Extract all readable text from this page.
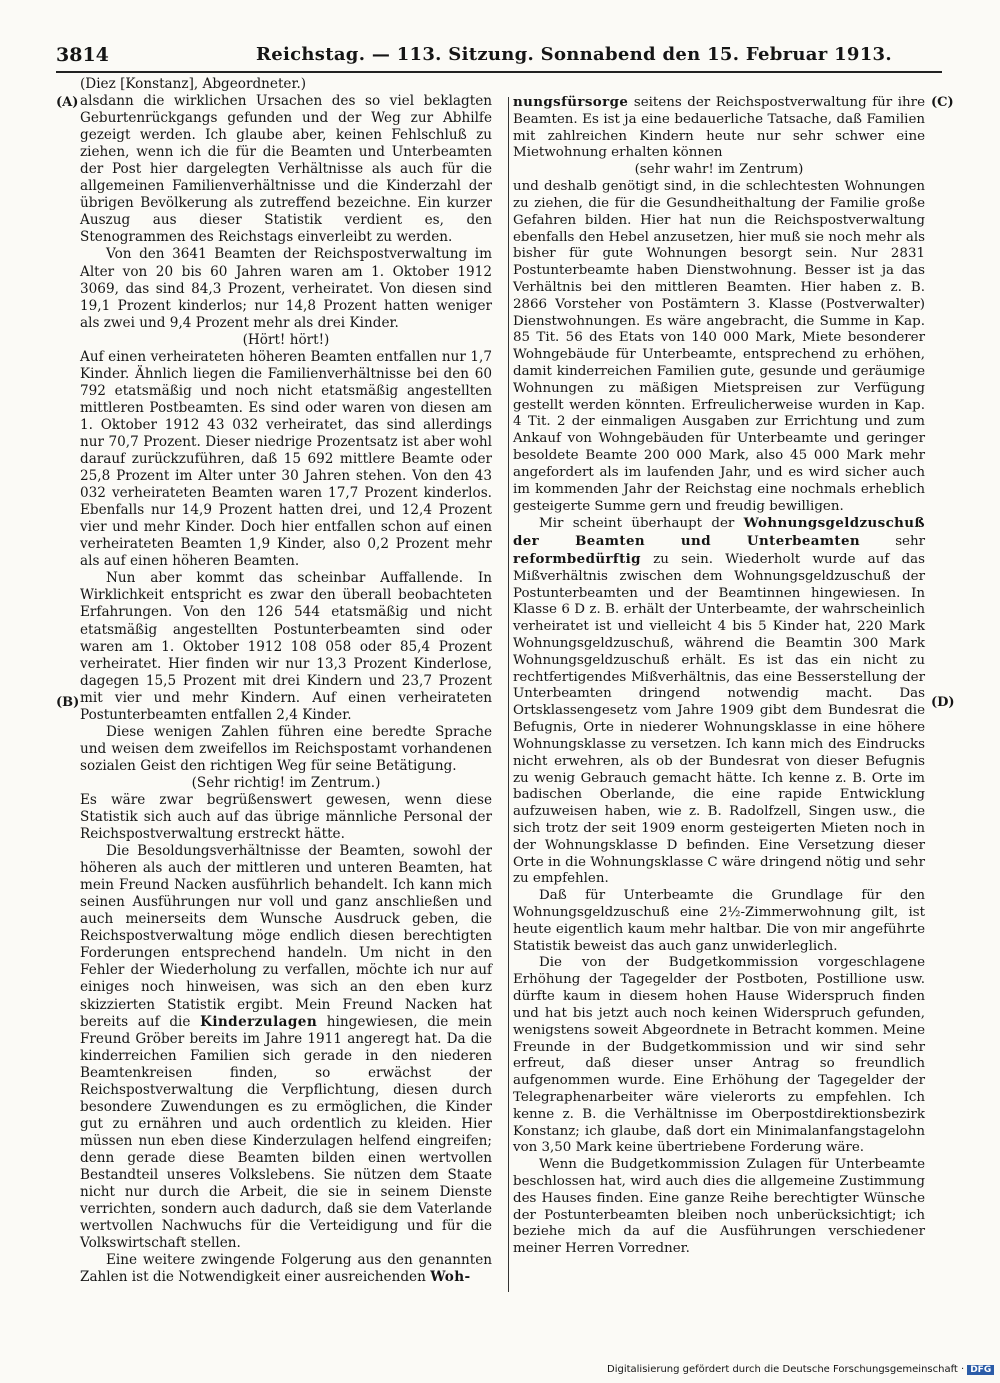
3814	Reichstag. — 113. Sitzung. Sonnabend den 15. Februar 1913.
(A)
(B)
(C)
(D)

(Diez [Konstanz], Abgeordneter.)

alsdann die wirklichen Ursachen des so viel beklagten Geburtenrückgangs gefunden und der Weg zur Abhilfe gezeigt werden. Ich glaube aber, keinen Fehlschluß zu ziehen, wenn ich die für die Beamten und Unterbeamten der Post hier dargelegten Verhältnisse als auch für die allgemeinen Familienverhältnisse und die Kinderzahl der übrigen Bevölkerung als zutreffend bezeichne. Ein kurzer Auszug aus dieser Statistik verdient es, den Stenogrammen des Reichstags einverleibt zu werden.

Von den 3641 Beamten der Reichspostverwaltung im Alter von 20 bis 60 Jahren waren am 1. Oktober 1912 3069, das sind 84,3 Prozent, verheiratet. Von diesen sind 19,1 Prozent kinderlos; nur 14,8 Prozent hatten weniger als zwei und 9,4 Prozent mehr als drei Kinder.

(Hört! hört!)

Auf einen verheirateten höheren Beamten entfallen nur 1,7 Kinder. Ähnlich liegen die Familienverhältnisse bei den 60 792 etatsmäßig und noch nicht etatsmäßig angestellten mittleren Postbeamten. Es sind oder waren von diesen am 1. Oktober 1912 43 032 verheiratet, das sind allerdings nur 70,7 Prozent. Dieser niedrige Prozentsatz ist aber wohl darauf zurückzuführen, daß 15 692 mittlere Beamte oder 25,8 Prozent im Alter unter 30 Jahren stehen. Von den 43 032 verheirateten Beamten waren 17,7 Prozent kinderlos. Ebenfalls nur 14,9 Prozent hatten drei, und 12,4 Prozent vier und mehr Kinder. Doch hier entfallen schon auf einen verheirateten Beamten 1,9 Kinder, also 0,2 Prozent mehr als auf einen höheren Beamten.

Nun aber kommt das scheinbar Auffallende. In Wirklichkeit entspricht es zwar den überall beobachteten Erfahrungen. Von den 126 544 etatsmäßig und nicht etatsmäßig angestellten Postunterbeamten sind oder waren am 1. Oktober 1912 108 058 oder 85,4 Prozent verheiratet. Hier finden wir nur 13,3 Prozent Kinderlose, dagegen 15,5 Prozent mit drei Kindern und 23,7 Prozent mit vier und mehr Kindern. Auf einen verheirateten Postunterbeamten entfallen 2,4 Kinder.

Diese wenigen Zahlen führen eine beredte Sprache und weisen dem zweifellos im Reichspostamt vorhandenen sozialen Geist den richtigen Weg für seine Betätigung.

(Sehr richtig! im Zentrum.)

Es wäre zwar begrüßenswert gewesen, wenn diese Statistik sich auch auf das übrige männliche Personal der Reichspostverwaltung erstreckt hätte.

Die Besoldungsverhältnisse der Beamten, sowohl der höheren als auch der mittleren und unteren Beamten, hat mein Freund Nacken ausführlich behandelt. Ich kann mich seinen Ausführungen nur voll und ganz anschließen und auch meinerseits dem Wunsche Ausdruck geben, die Reichspostverwaltung möge endlich diesen berechtigten Forderungen entsprechend handeln. Um nicht in den Fehler der Wiederholung zu verfallen, möchte ich nur auf einiges noch hinweisen, was sich an den eben kurz skizzierten Statistik ergibt. Mein Freund Nacken hat bereits auf die Kinderzulagen hingewiesen, die mein Freund Gröber bereits im Jahre 1911 angeregt hat. Da die kinderreichen Familien sich gerade in den niederen Beamtenkreisen finden, so erwächst der Reichspostverwaltung die Verpflichtung, diesen durch besondere Zuwendungen es zu ermöglichen, die Kinder gut zu ernähren und auch ordentlich zu kleiden. Hier müssen nun eben diese Kinderzulagen helfend eingreifen; denn gerade diese Beamten bilden einen wertvollen Bestandteil unseres Volkslebens. Sie nützen dem Staate nicht nur durch die Arbeit, die sie in seinem Dienste verrichten, sondern auch dadurch, daß sie dem Vaterlande wertvollen Nachwuchs für die Verteidigung und für die Volkswirtschaft stellen.

Eine weitere zwingende Folgerung aus den genannten Zahlen ist die Notwendigkeit einer ausreichenden Woh-

nungsfürsorge seitens der Reichspostverwaltung für ihre Beamten. Es ist ja eine bedauerliche Tatsache, daß Familien mit zahlreichen Kindern heute nur sehr schwer eine Mietwohnung erhalten können

(sehr wahr! im Zentrum)

und deshalb genötigt sind, in die schlechtesten Wohnungen zu ziehen, die für die Gesundheithaltung der Familie große Gefahren bilden. Hier hat nun die Reichspostverwaltung ebenfalls den Hebel anzusetzen, hier muß sie noch mehr als bisher für gute Wohnungen besorgt sein. Nur 2831 Postunterbeamte haben Dienstwohnung. Besser ist ja das Verhältnis bei den mittleren Beamten. Hier haben z. B. 2866 Vorsteher von Postämtern 3. Klasse (Postverwalter) Dienstwohnungen. Es wäre angebracht, die Summe in Kap. 85 Tit. 56 des Etats von 140 000 Mark, Miete besonderer Wohngebäude für Unterbeamte, entsprechend zu erhöhen, damit kinderreichen Familien gute, gesunde und geräumige Wohnungen zu mäßigen Mietspreisen zur Verfügung gestellt werden könnten. Erfreulicherweise wurden in Kap. 4 Tit. 2 der einmaligen Ausgaben zur Errichtung und zum Ankauf von Wohngebäuden für Unterbeamte und geringer besoldete Beamte 200 000 Mark, also 45 000 Mark mehr angefordert als im laufenden Jahr, und es wird sicher auch im kommenden Jahr der Reichstag eine nochmals erheblich gesteigerte Summe gern und freudig bewilligen.

Mir scheint überhaupt der Wohnungsgeldzuschuß der Beamten und Unterbeamten	sehr reformbedürftig zu sein. Wiederholt wurde auf das Mißverhältnis zwischen dem Wohnungsgeldzuschuß der Postunterbeamten und der Beamtinnen hingewiesen. In Klasse 6 D z. B. erhält der Unterbeamte, der wahrscheinlich verheiratet ist und vielleicht 4 bis 5 Kinder hat, 220 Mark Wohnungsgeldzuschuß, während die Beamtin 300 Mark Wohnungsgeldzuschuß erhält. Es ist das ein nicht zu rechtfertigendes Mißverhältnis, das eine Besserstellung der Unterbeamten dringend notwendig macht. Das Ortsklassengesetz vom Jahre 1909 gibt dem Bundesrat die Befugnis, Orte in niederer Wohnungsklasse in eine höhere Wohnungsklasse zu versetzen. Ich kann mich des Eindrucks nicht erwehren, als ob der Bundesrat von dieser Befugnis zu wenig Gebrauch gemacht hätte. Ich kenne z. B. Orte im badischen Oberlande, die eine rapide Entwicklung aufzuweisen haben, wie z. B. Radolfzell, Singen usw., die sich trotz der seit 1909 enorm gesteigerten Mieten noch in der Wohnungsklasse D befinden. Eine Versetzung dieser Orte in die Wohnungsklasse C wäre dringend nötig und sehr zu empfehlen.

Daß für Unterbeamte die Grundlage für den Wohnungsgeldzuschuß eine 2½-Zimmerwohnung gilt, ist heute eigentlich kaum mehr haltbar. Die von mir angeführte Statistik beweist das auch ganz unwiderleglich.

Die von der Budgetkommission vorgeschlagene Erhöhung der Tagegelder der Postboten, Postillione usw. dürfte kaum in diesem hohen Hause Widerspruch finden und hat bis jetzt auch noch keinen Widerspruch gefunden, wenigstens soweit Abgeordnete in Betracht kommen. Meine Freunde in der Budgetkommission und wir sind sehr erfreut, daß dieser unser Antrag so freundlich aufgenommen wurde. Eine Erhöhung der Tagegelder der Telegraphenarbeiter wäre vielerorts zu empfehlen. Ich kenne z. B. die Verhältnisse im Oberpostdirektionsbezirk Konstanz; ich glaube, daß dort ein Minimalanfangstagelohn von 3,50 Mark keine übertriebene Forderung wäre.

Wenn die Budgetkommission Zulagen für Unterbeamte beschlossen hat, wird auch dies die allgemeine Zustimmung des Hauses finden. Eine ganze Reihe berechtigter Wünsche der Postunterbeamten bleiben noch unberücksichtigt; ich beziehe mich da auf die Ausführungen verschiedener meiner Herren Vorredner.

Digitalisierung gefördert durch die Deutsche Forschungsgemeinschaft · DFG
